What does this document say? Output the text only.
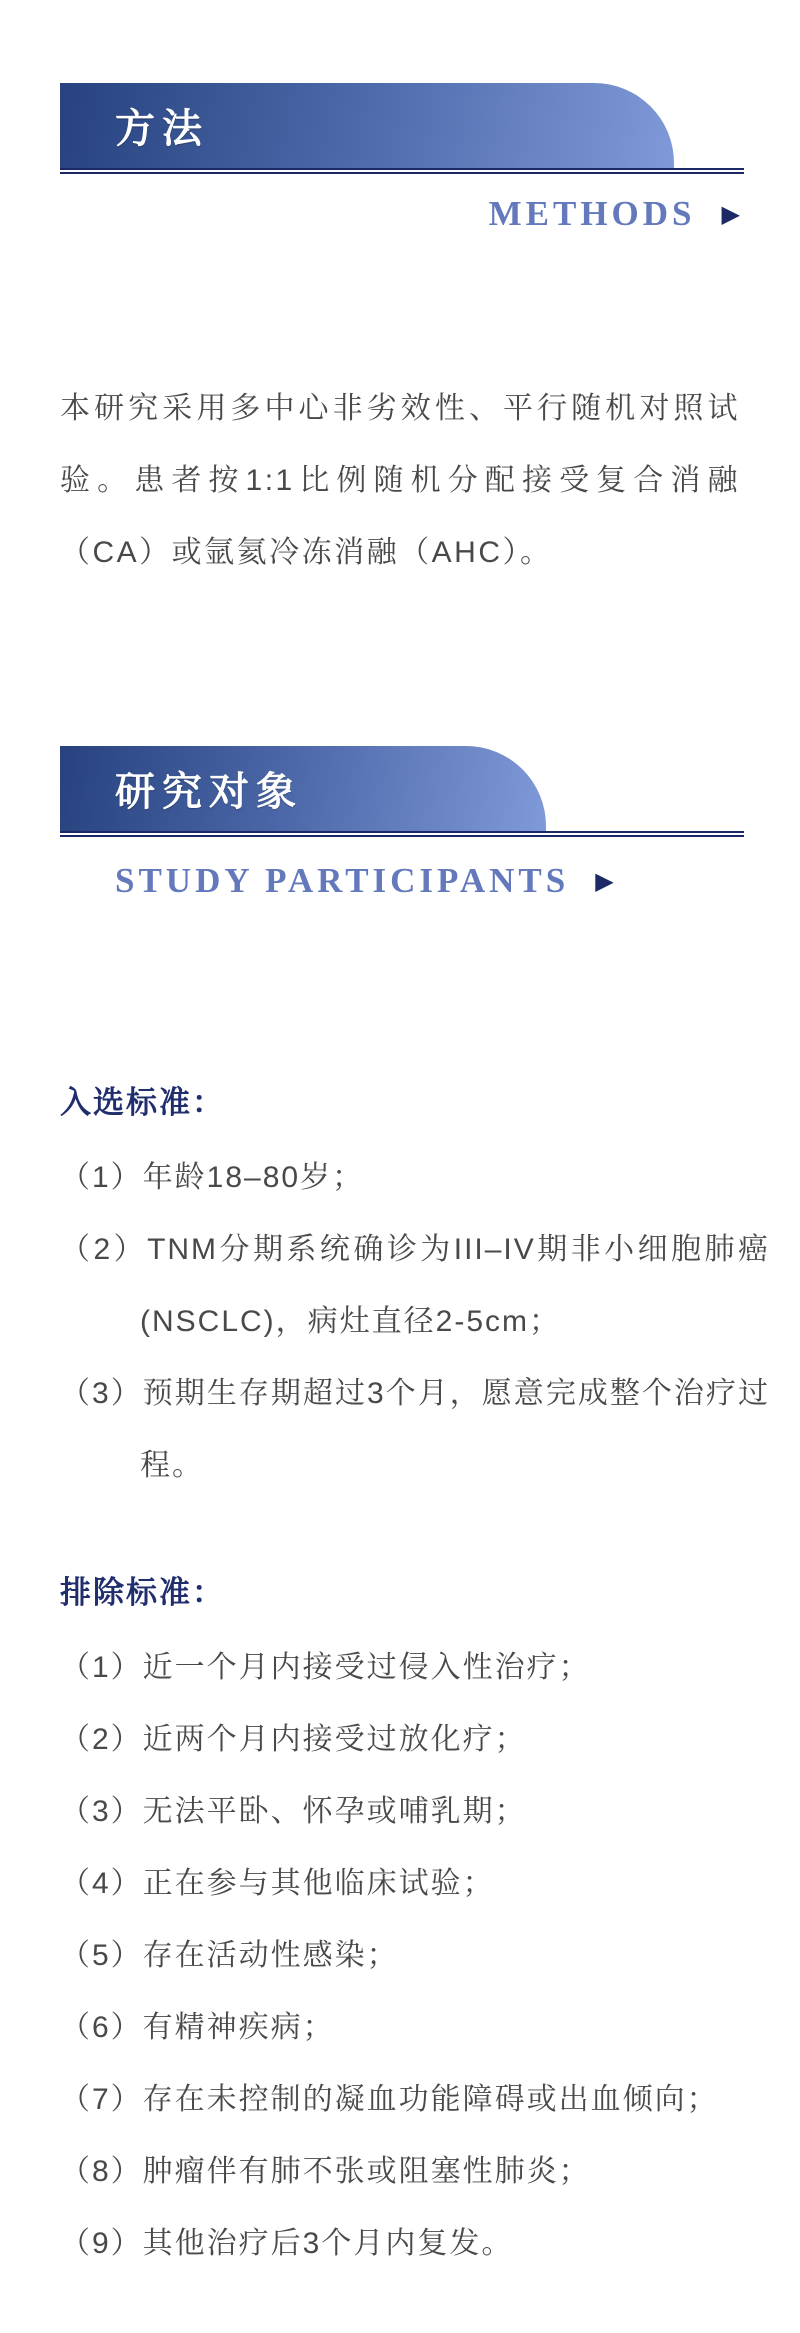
方法
METHODS ▶

本研究采用多中心非劣效性、平行随机对照试验。患者按1:1比例随机分配接受复合消融（CA）或氩氦冷冻消融（AHC）。

研究对象
STUDY PARTICIPANTS ▶
入选标准：
（1）年龄18–80岁；
（2）TNM分期系统确诊为III–IV期非小细胞肺癌(NSCLC)，病灶直径2-5cm；
（3）预期生存期超过3个月，愿意完成整个治疗过程。
排除标准：
（1）近一个月内接受过侵入性治疗；
（2）近两个月内接受过放化疗；
（3）无法平卧、怀孕或哺乳期；
（4）正在参与其他临床试验；
（5）存在活动性感染；
（6）有精神疾病；
（7）存在未控制的凝血功能障碍或出血倾向；
（8）肿瘤伴有肺不张或阻塞性肺炎；
（9）其他治疗后3个月内复发。
